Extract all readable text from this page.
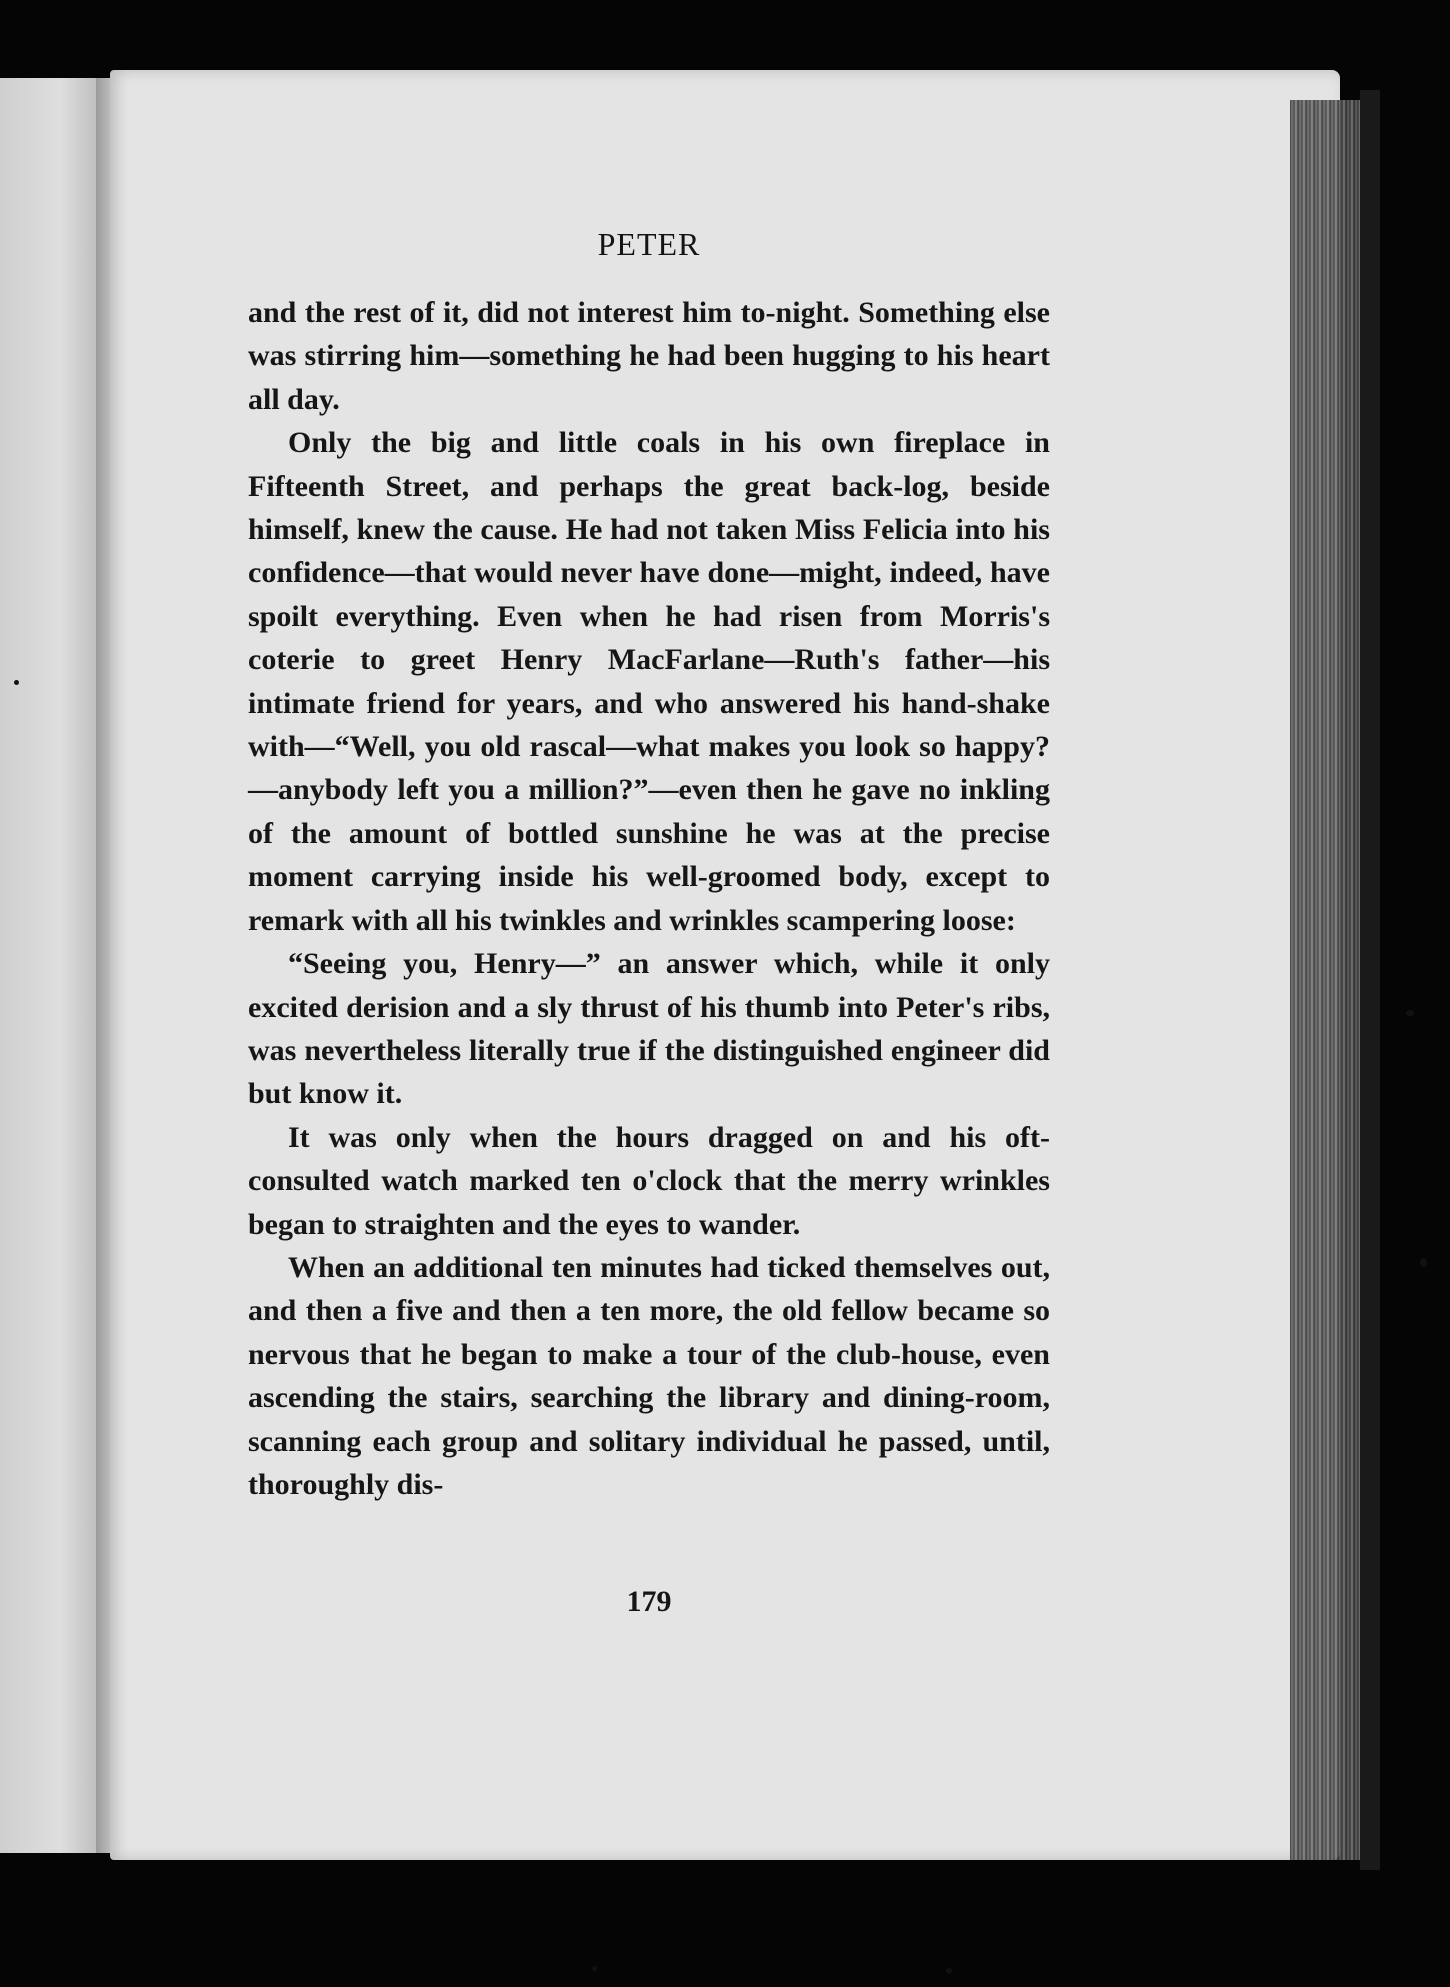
PETER

and the rest of it, did not interest him to-night. Something else was stirring him—something he had been hugging to his heart all day.

Only the big and little coals in his own fireplace in Fifteenth Street, and perhaps the great back-log, beside himself, knew the cause. He had not taken Miss Felicia into his confidence—that would never have done—might, indeed, have spoilt everything. Even when he had risen from Morris's coterie to greet Henry MacFarlane—Ruth's father—his intimate friend for years, and who answered his hand-shake with—“Well, you old rascal—what makes you look so happy?—anybody left you a million?”—even then he gave no inkling of the amount of bottled sunshine he was at the precise moment carrying inside his well-groomed body, except to remark with all his twinkles and wrinkles scampering loose:

“Seeing you, Henry—” an answer which, while it only excited derision and a sly thrust of his thumb into Peter's ribs, was nevertheless literally true if the distinguished engineer did but know it.

It was only when the hours dragged on and his oft-consulted watch marked ten o'clock that the merry wrinkles began to straighten and the eyes to wander.

When an additional ten minutes had ticked themselves out, and then a five and then a ten more, the old fellow became so nervous that he began to make a tour of the club-house, even ascending the stairs, searching the library and dining-room, scanning each group and solitary individual he passed, until, thoroughly dis-

179
